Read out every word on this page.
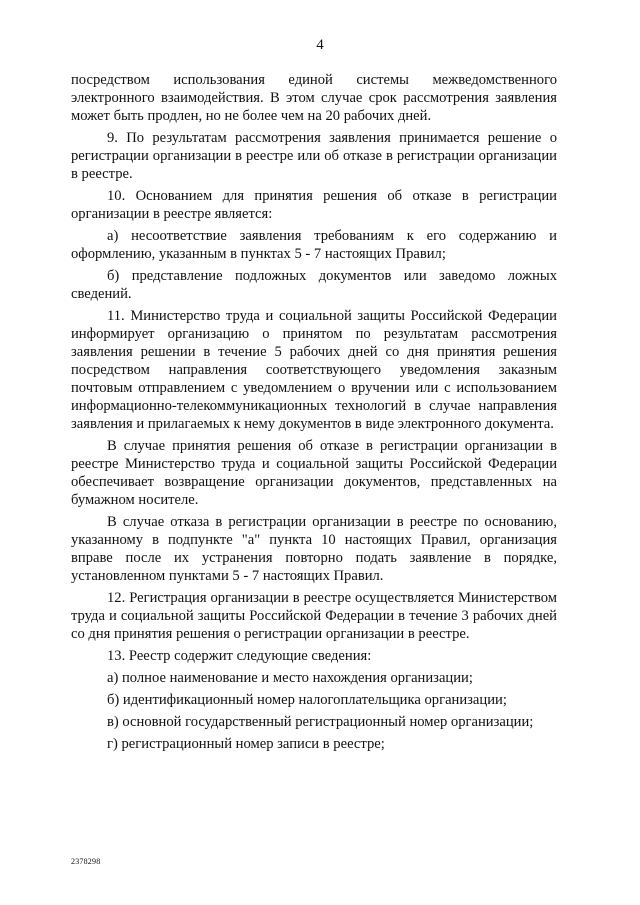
4

посредством использования единой системы межведомственного электронного взаимодействия. В этом случае срок рассмотрения заявления может быть продлен, но не более чем на 20 рабочих дней.

9. По результатам рассмотрения заявления принимается решение о регистрации организации в реестре или об отказе в регистрации организации в реестре.

10. Основанием для принятия решения об отказе в регистрации организации в реестре является:

а) несоответствие заявления требованиям к его содержанию и оформлению, указанным в пунктах 5 - 7 настоящих Правил;

б) представление подложных документов или заведомо ложных сведений.

11. Министерство труда и социальной защиты Российской Федерации информирует организацию о принятом по результатам рассмотрения заявления решении в течение 5 рабочих дней со дня принятия решения посредством направления соответствующего уведомления заказным почтовым отправлением с уведомлением о вручении или с использованием информационно-телекоммуникационных технологий в случае направления заявления и прилагаемых к нему документов в виде электронного документа.

В случае принятия решения об отказе в регистрации организации в реестре Министерство труда и социальной защиты Российской Федерации обеспечивает возвращение организации документов, представленных на бумажном носителе.

В случае отказа в регистрации организации в реестре по основанию, указанному в подпункте "а" пункта 10 настоящих Правил, организация вправе после их устранения повторно подать заявление в порядке, установленном пунктами 5 - 7 настоящих Правил.

12. Регистрация организации в реестре осуществляется Министерством труда и социальной защиты Российской Федерации в течение 3 рабочих дней со дня принятия решения о регистрации организации в реестре.

13. Реестр содержит следующие сведения:

а) полное наименование и место нахождения организации;

б) идентификационный номер налогоплательщика организации;

в) основной государственный регистрационный номер организации;

г) регистрационный номер записи в реестре;

2378298
